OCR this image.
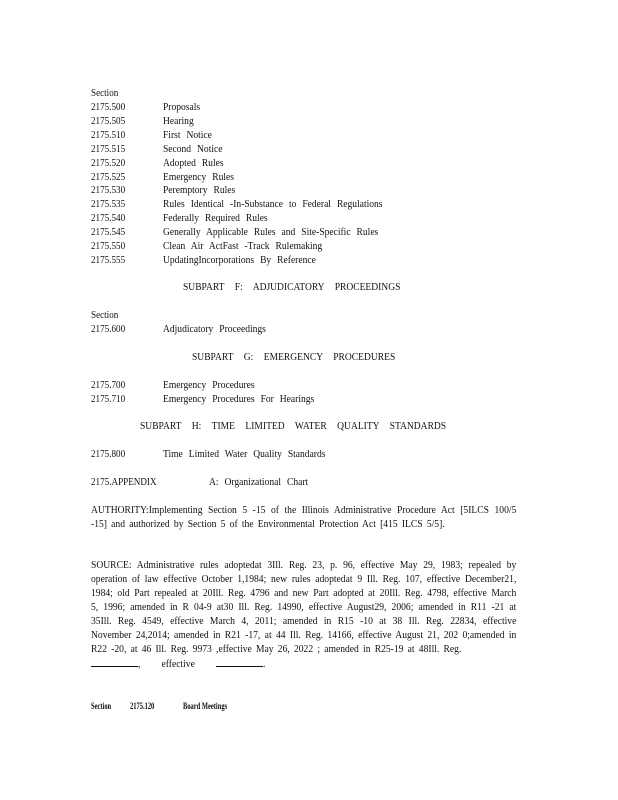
Section
2175.500	Proposals
2175.505	Hearing
2175.510	First Notice
2175.515	Second Notice
2175.520	Adopted Rules
2175.525	Emergency Rules
2175.530	Peremptory Rules
2175.535	Rules Identical -In-Substance to Federal Regulations
2175.540	Federally Required Rules
2175.545	Generally Applicable Rules and Site-Specific Rules
2175.550	Clean Air ActFast -Track Rulemaking
2175.555	UpdatingIncorporations By Reference
SUBPART F: ADJUDICATORY PROCEEDINGS
Section
2175.600	Adjudicatory Proceedings
SUBPART G: EMERGENCY PROCEDURES
2175.700	Emergency Procedures
2175.710	Emergency Procedures For Hearings
SUBPART H: TIME LIMITED WATER QUALITY STANDARDS
2175.800	Time Limited Water Quality Standards
2175.APPENDIX	A: Organizational Chart
AUTHORITY:Implementing Section 5 -15 of the Illinois Administrative Procedure Act [5ILCS 100/5 -15] and authorized by Section 5 of the Environmental Protection Act [415 ILCS 5/5].
SOURCE: Administrative rules adoptedat 3Ill. Reg. 23, p. 96, effective May 29, 1983; repealed by operation of law effective October 1,1984; new rules adoptedat 9 Ill. Reg. 107, effective December21, 1984; old Part repealed at 20Ill. Reg. 4796 and new Part adopted at 20Ill. Reg. 4798, effective March 5, 1996; amended in R 04-9 at30 Ill. Reg. 14990, effective August29, 2006; amended in R11 -21 at 35Ill. Reg. 4549, effective March 4, 2011; amended in R15 -10 at 38 Ill. Reg. 22834, effective November 24,2014; amended in R21 -17, at 44 Ill. Reg. 14166, effective August 21, 202 0;amended in R22 -20, at 46 Ill. Reg. 9973 ,effective May 26, 2022 ; amended in R25-19 at 48Ill. Reg.
, effective	.
Section 2175.120	Board Meetings
